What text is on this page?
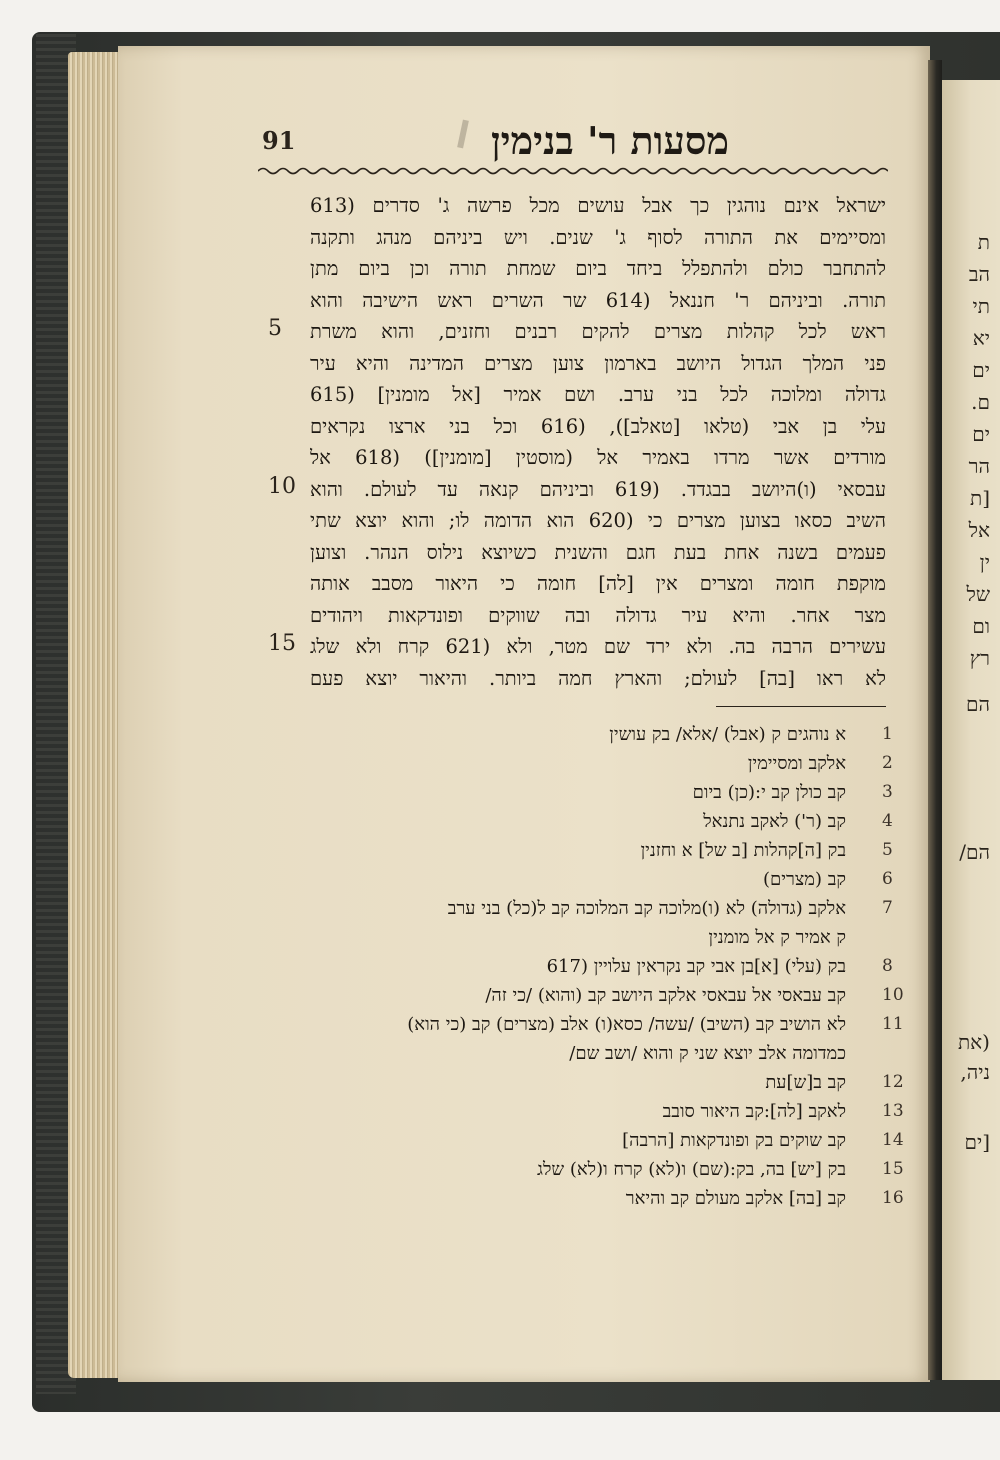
91	מסעות ר' בנימין
ישראל אינם נוהגין כך אבל עושים מכל פרשה ג' סדרים (613
ומסיימים את התורה לסוף ג' שנים. ויש ביניהם מנהג ותקנה
להתחבר כולם ולהתפלל ביחד ביום שמחת תורה וכן ביום מתן
תורה. וביניהם ר' חננאל (614 שר השרים ראש הישיבה והוא
ראש לכל קהלות מצרים להקים רבנים וחזנים, והוא משרת
פני המלך הגדול היושב בארמון צוען מצרים המדינה והיא עיר
גדולה ומלוכה לכל בני ערב. ושם אמיר [אל מומנין] (615
עלי בן אבי (טלאו [טאלב]), (616 וכל בני ארצו נקראים
מורדים אשר מרדו באמיר אל (מוסטין [מומנין]) (618 אל
עבסאי (ו)היושב בבגדד. (619 וביניהם קנאה עד לעולם. והוא
השיב כסאו בצוען מצרים כי (620 הוא הדומה לו; והוא יוצא שתי
פעמים בשנה אחת בעת חגם והשנית כשיוצא נילוס הנהר. וצוען
מוקפת חומה ומצרים אין [לה] חומה כי היאור מסבב אותה
מצר אחר. והיא עיר גדולה ובה שווקים ופונדקאות ויהודים
עשירים הרבה בה. ולא ירד שם מטר, ולא (621 קרח ולא שלג
לא ראו [בה] לעולם; והארץ חמה ביותר. והיאור יוצא פעם
5
10
15
א נוהגים ק (אבל) /אלא/ בק עושין 1
אלקב ומסיימין 2
קב כולן קב י:(כן) ביום 3
קב (ר') לאקב נתנאל 4
בק [ה]קהלות [ב של] א וחזנין 5
קב (מצרים) 6
אלקב (גדולה) לא (ו)מלוכה קב המלוכה קב ל(כל) בני ערב 7
ק אמיר ק אל מומנין
בק (עלי) [א]בן אבי קב נקראין עלויין (617 8
קב עבאסי אל עבאסי אלקב היושב קב (והוא) /כי זה/ 10
לא הושיב קב (השיב) /עשה/ כסא(ו) אלב (מצרים) קב (כי הוא) 11
כמדומה אלב יוצא שני ק והוא /ושב שם/
קב ב[ש]עת 12
לאקב [לה]:קב היאור סובב 13
קב שוקים בק ופונדקאות [הרבה] 14
בק [יש] בה, בק:(שם) ו(לא) קרח ו(לא) שלג 15
קב [בה] אלקב מעולם קב והיאר 16
ת
הב
תי
יא
ים
ם.
ים
הר
[ת
אל
ין
של
ום
רץ
הם
הם/
(את
ניה,
[ים
